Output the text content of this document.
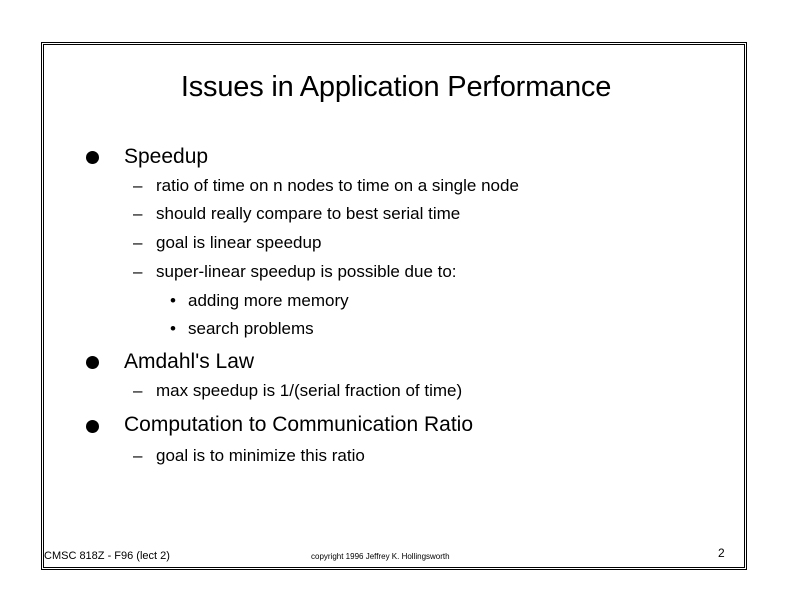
Issues in Application Performance
Speedup
– ratio of time on n nodes to time on a single node
– should really compare to best serial time
– goal is linear speedup
– super-linear speedup is possible due to:
• adding more memory
• search problems
Amdahl's Law
– max speedup is 1/(serial fraction of time)
Computation to Communication Ratio
– goal is to minimize this ratio
CMSC 818Z - F96 (lect 2)	copyright 1996 Jeffrey K. Hollingsworth	2
